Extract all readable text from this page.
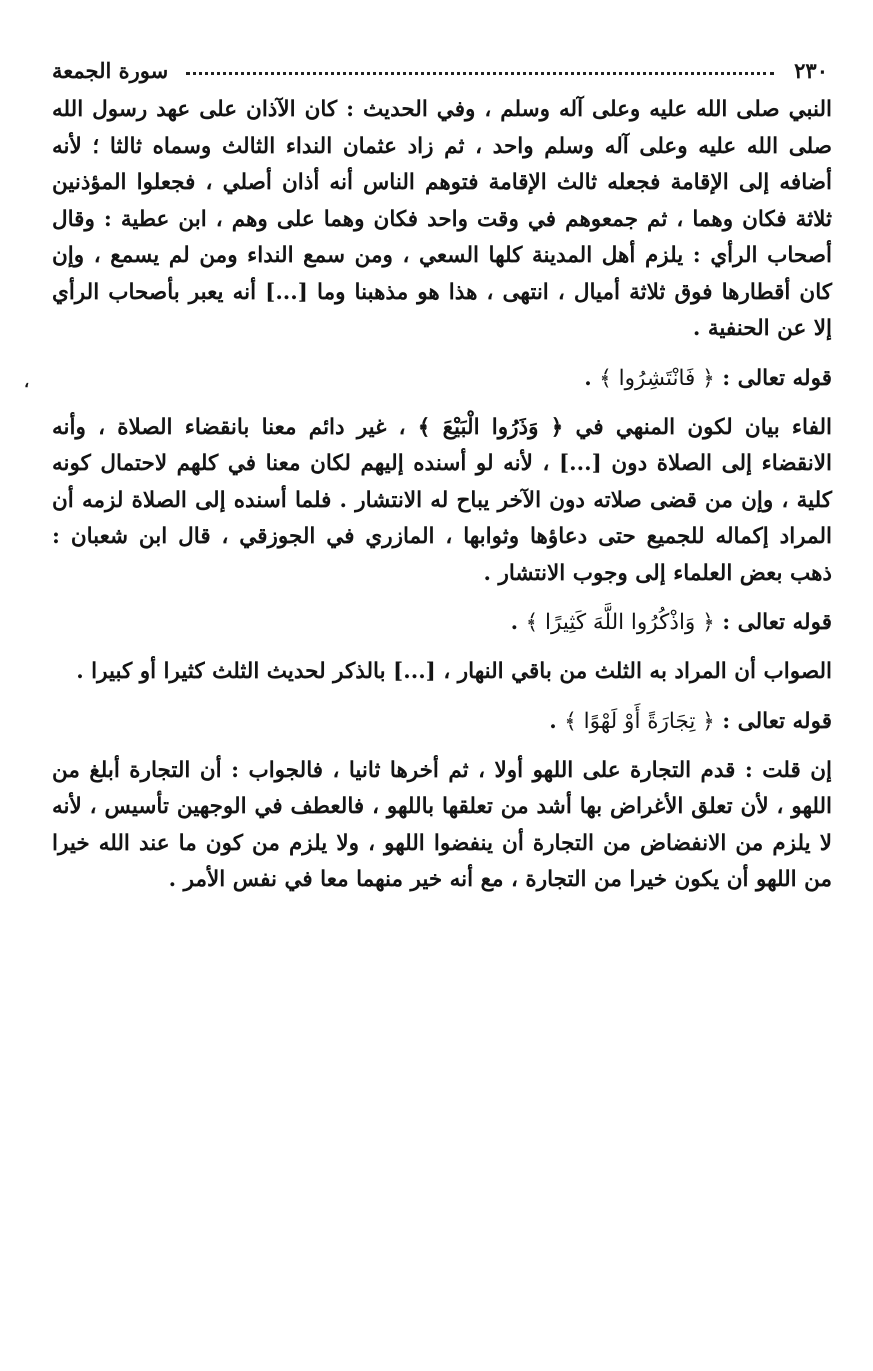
٢٣٠
سورة الجمعة
،

النبي صلى الله عليه وعلى آله وسلم ، وفي الحديث : كان الآذان على عهد رسول الله صلى الله عليه وعلى آله وسلم واحد ، ثم زاد عثمان النداء الثالث وسماه ثالثا ؛ لأنه أضافه إلى الإقامة فجعله ثالث الإقامة فتوهم الناس أنه أذان أصلي ، فجعلوا المؤذنين ثلاثة فكان وهما ، ثم جمعوهم في وقت واحد فكان وهما على وهم ، ابن عطية : وقال أصحاب الرأي : يلزم أهل المدينة كلها السعي ، ومن سمع النداء ومن لم يسمع ، وإن كان أقطارها فوق ثلاثة أميال ، انتهى ، هذا هو مذهبنا وما [...] أنه يعبر بأصحاب الرأي إلا عن الحنفية .

قوله تعالى : ﴿ فَانْتَشِرُوا ﴾ .

الفاء بيان لكون المنهي في ﴿ وَذَرُوا الْبَيْعَ ﴾ ، غير دائم معنا بانقضاء الصلاة ، وأنه الانقضاء إلى الصلاة دون [...] ، لأنه لو أسنده إليهم لكان معنا في كلهم لاحتمال كونه كلية ، وإن من قضى صلاته دون الآخر يباح له الانتشار . فلما أسنده إلى الصلاة لزمه أن المراد إكماله للجميع حتى دعاؤها وثوابها ، المازري في الجوزقي ، قال ابن شعبان : ذهب بعض العلماء إلى وجوب الانتشار .

قوله تعالى : ﴿ وَاذْكُرُوا اللَّهَ كَثِيرًا ﴾ .

الصواب أن المراد به الثلث من باقي النهار ، [...] بالذكر لحديث الثلث كثيرا أو كبيرا .

قوله تعالى : ﴿ تِجَارَةً أَوْ لَهْوًا ﴾ .

إن قلت : قدم التجارة على اللهو أولا ، ثم أخرها ثانيا ، فالجواب : أن التجارة أبلغ من اللهو ، لأن تعلق الأغراض بها أشد من تعلقها باللهو ، فالعطف في الوجهين تأسيس ، لأنه لا يلزم من الانفضاض من التجارة أن ينفضوا اللهو ، ولا يلزم من كون ما عند الله خيرا من اللهو أن يكون خيرا من التجارة ، مع أنه خير منهما معا في نفس الأمر .
